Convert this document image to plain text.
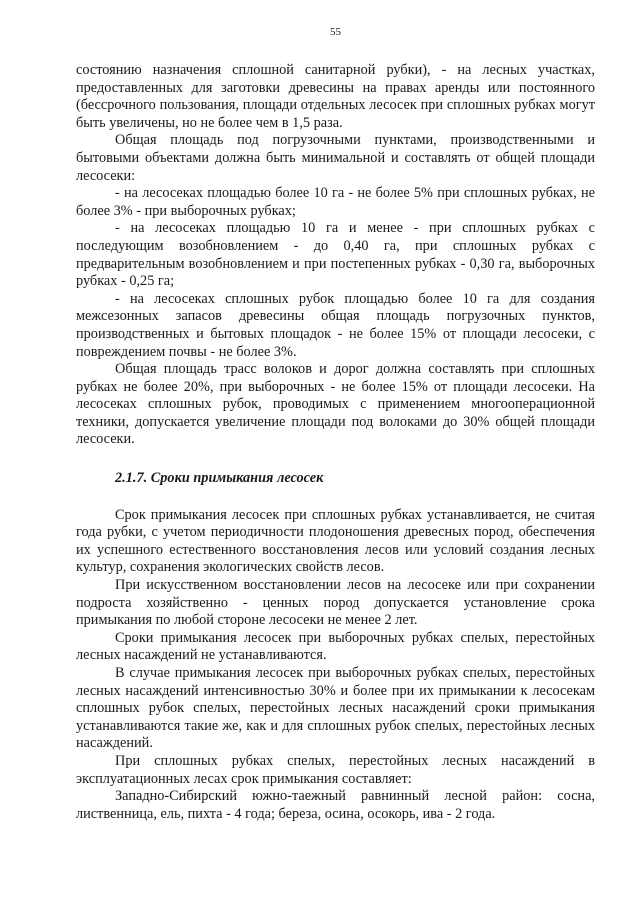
55

состоянию назначения сплошной санитарной рубки), - на лесных участках, предоставленных для заготовки древесины на правах аренды или постоянного (бессрочного пользования, площади отдельных лесосек при сплошных рубках могут быть увеличены, но не более чем в 1,5 раза.

Общая площадь под погрузочными пунктами, производственными и бытовыми объектами должна быть минимальной и составлять от общей площади лесосеки:

- на лесосеках площадью более 10 га - не более 5% при сплошных рубках, не более 3% - при выборочных рубках;

- на лесосеках площадью 10 га и менее - при сплошных рубках с последующим возобновлением - до 0,40 га, при сплошных рубках с предварительным возобновлением и при постепенных рубках - 0,30 га, выборочных рубках - 0,25 га;

- на лесосеках сплошных рубок площадью более 10 га для создания межсезонных запасов древесины общая площадь погрузочных пунктов, производственных и бытовых площадок - не более 15% от площади лесосеки, с повреждением почвы - не более 3%.

Общая площадь трасс волоков и дорог должна составлять при сплошных рубках не более 20%, при выборочных - не более 15% от площади лесосеки. На лесосеках сплошных рубок, проводимых с применением многооперационной техники, допускается увеличение площади под волоками до 30% общей площади лесосеки.

2.1.7. Сроки примыкания лесосек

Срок примыкания лесосек при сплошных рубках устанавливается, не считая года рубки, с учетом периодичности плодоношения древесных пород, обеспечения их успешного естественного восстановления лесов или условий создания лесных культур, сохранения экологических свойств лесов.

При искусственном восстановлении лесов на лесосеке или при сохранении подроста хозяйственно - ценных пород допускается установление срока примыкания по любой стороне лесосеки не менее 2 лет.

Сроки примыкания лесосек при выборочных рубках спелых, перестойных лесных насаждений не устанавливаются.

В случае примыкания лесосек при выборочных рубках спелых, перестойных лесных насаждений интенсивностью 30% и более при их примыкании к лесосекам сплошных рубок спелых, перестойных лесных насаждений сроки примыкания устанавливаются такие же, как и для сплошных рубок спелых, перестойных лесных насаждений.

При сплошных рубках спелых, перестойных лесных насаждений в эксплуатационных лесах срок примыкания составляет:

Западно-Сибирский южно-таежный равнинный лесной район: сосна, лиственница, ель, пихта - 4 года; береза, осина, осокорь, ива - 2 года.
